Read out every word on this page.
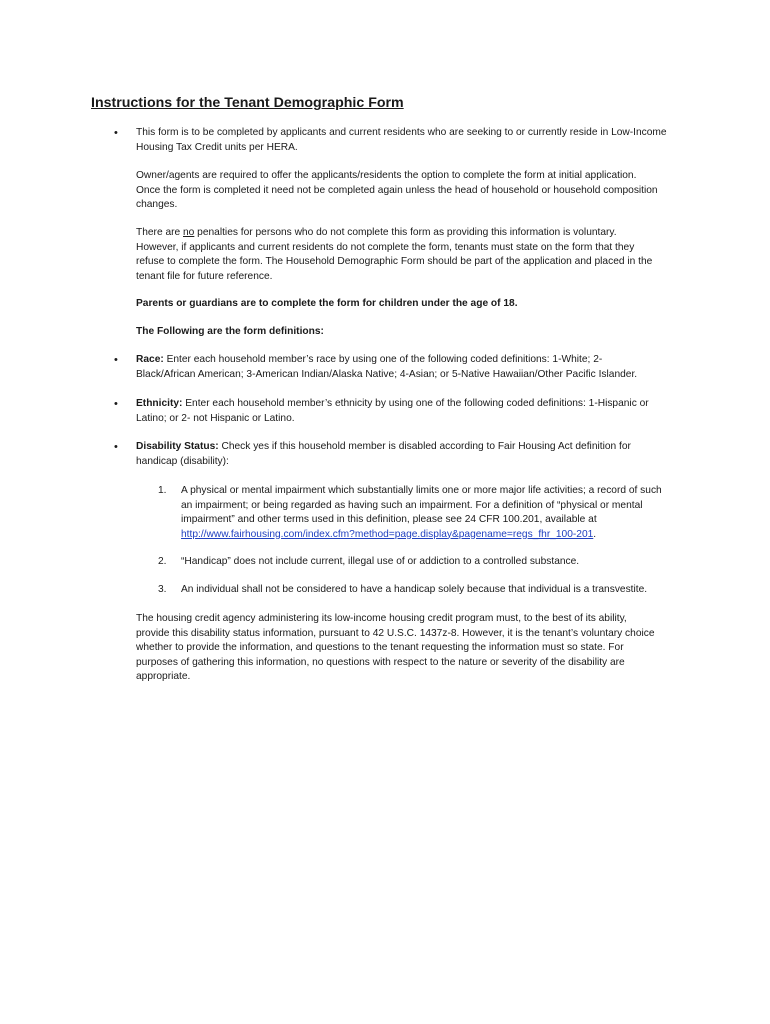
Instructions for the Tenant Demographic Form
• This form is to be completed by applicants and current residents who are seeking to or currently reside in Low-Income
Housing Tax Credit units per HERA.
Owner/agents are required to offer the applicants/residents the option to complete the form at initial application.
Once the form is completed it need not be completed again unless the head of household or household composition
changes.
There are no penalties for persons who do not complete this form as providing this information is voluntary.
However, if applicants and current residents do not complete the form, tenants must state on the form that they
refuse to complete the form. The Household Demographic Form should be part of the application and placed in the
tenant file for future reference.
Parents or guardians are to complete the form for children under the age of 18.
The Following are the form definitions:
• Race: Enter each household member’s race by using one of the following coded definitions: 1-White; 2-
Black/African American; 3-American Indian/Alaska Native; 4-Asian; or 5-Native Hawaiian/Other Pacific Islander.
• Ethnicity: Enter each household member’s ethnicity by using one of the following coded definitions: 1-Hispanic or
Latino; or 2- not Hispanic or Latino.
• Disability Status: Check yes if this household member is disabled according to Fair Housing Act definition for
handicap (disability):
1. A physical or mental impairment which substantially limits one or more major life activities; a record of such
an impairment; or being regarded as having such an impairment. For a definition of “physical or mental
impairment” and other terms used in this definition, please see 24 CFR 100.201, available at
http://www.fairhousing.com/index.cfm?method=page.display&pagename=regs_fhr_100-201.
2. “Handicap” does not include current, illegal use of or addiction to a controlled substance.
3. An individual shall not be considered to have a handicap solely because that individual is a transvestite.
The housing credit agency administering its low-income housing credit program must, to the best of its ability,
provide this disability status information, pursuant to 42 U.S.C. 1437z-8. However, it is the tenant’s voluntary choice
whether to provide the information, and questions to the tenant requesting the information must so state. For
purposes of gathering this information, no questions with respect to the nature or severity of the disability are
appropriate.
